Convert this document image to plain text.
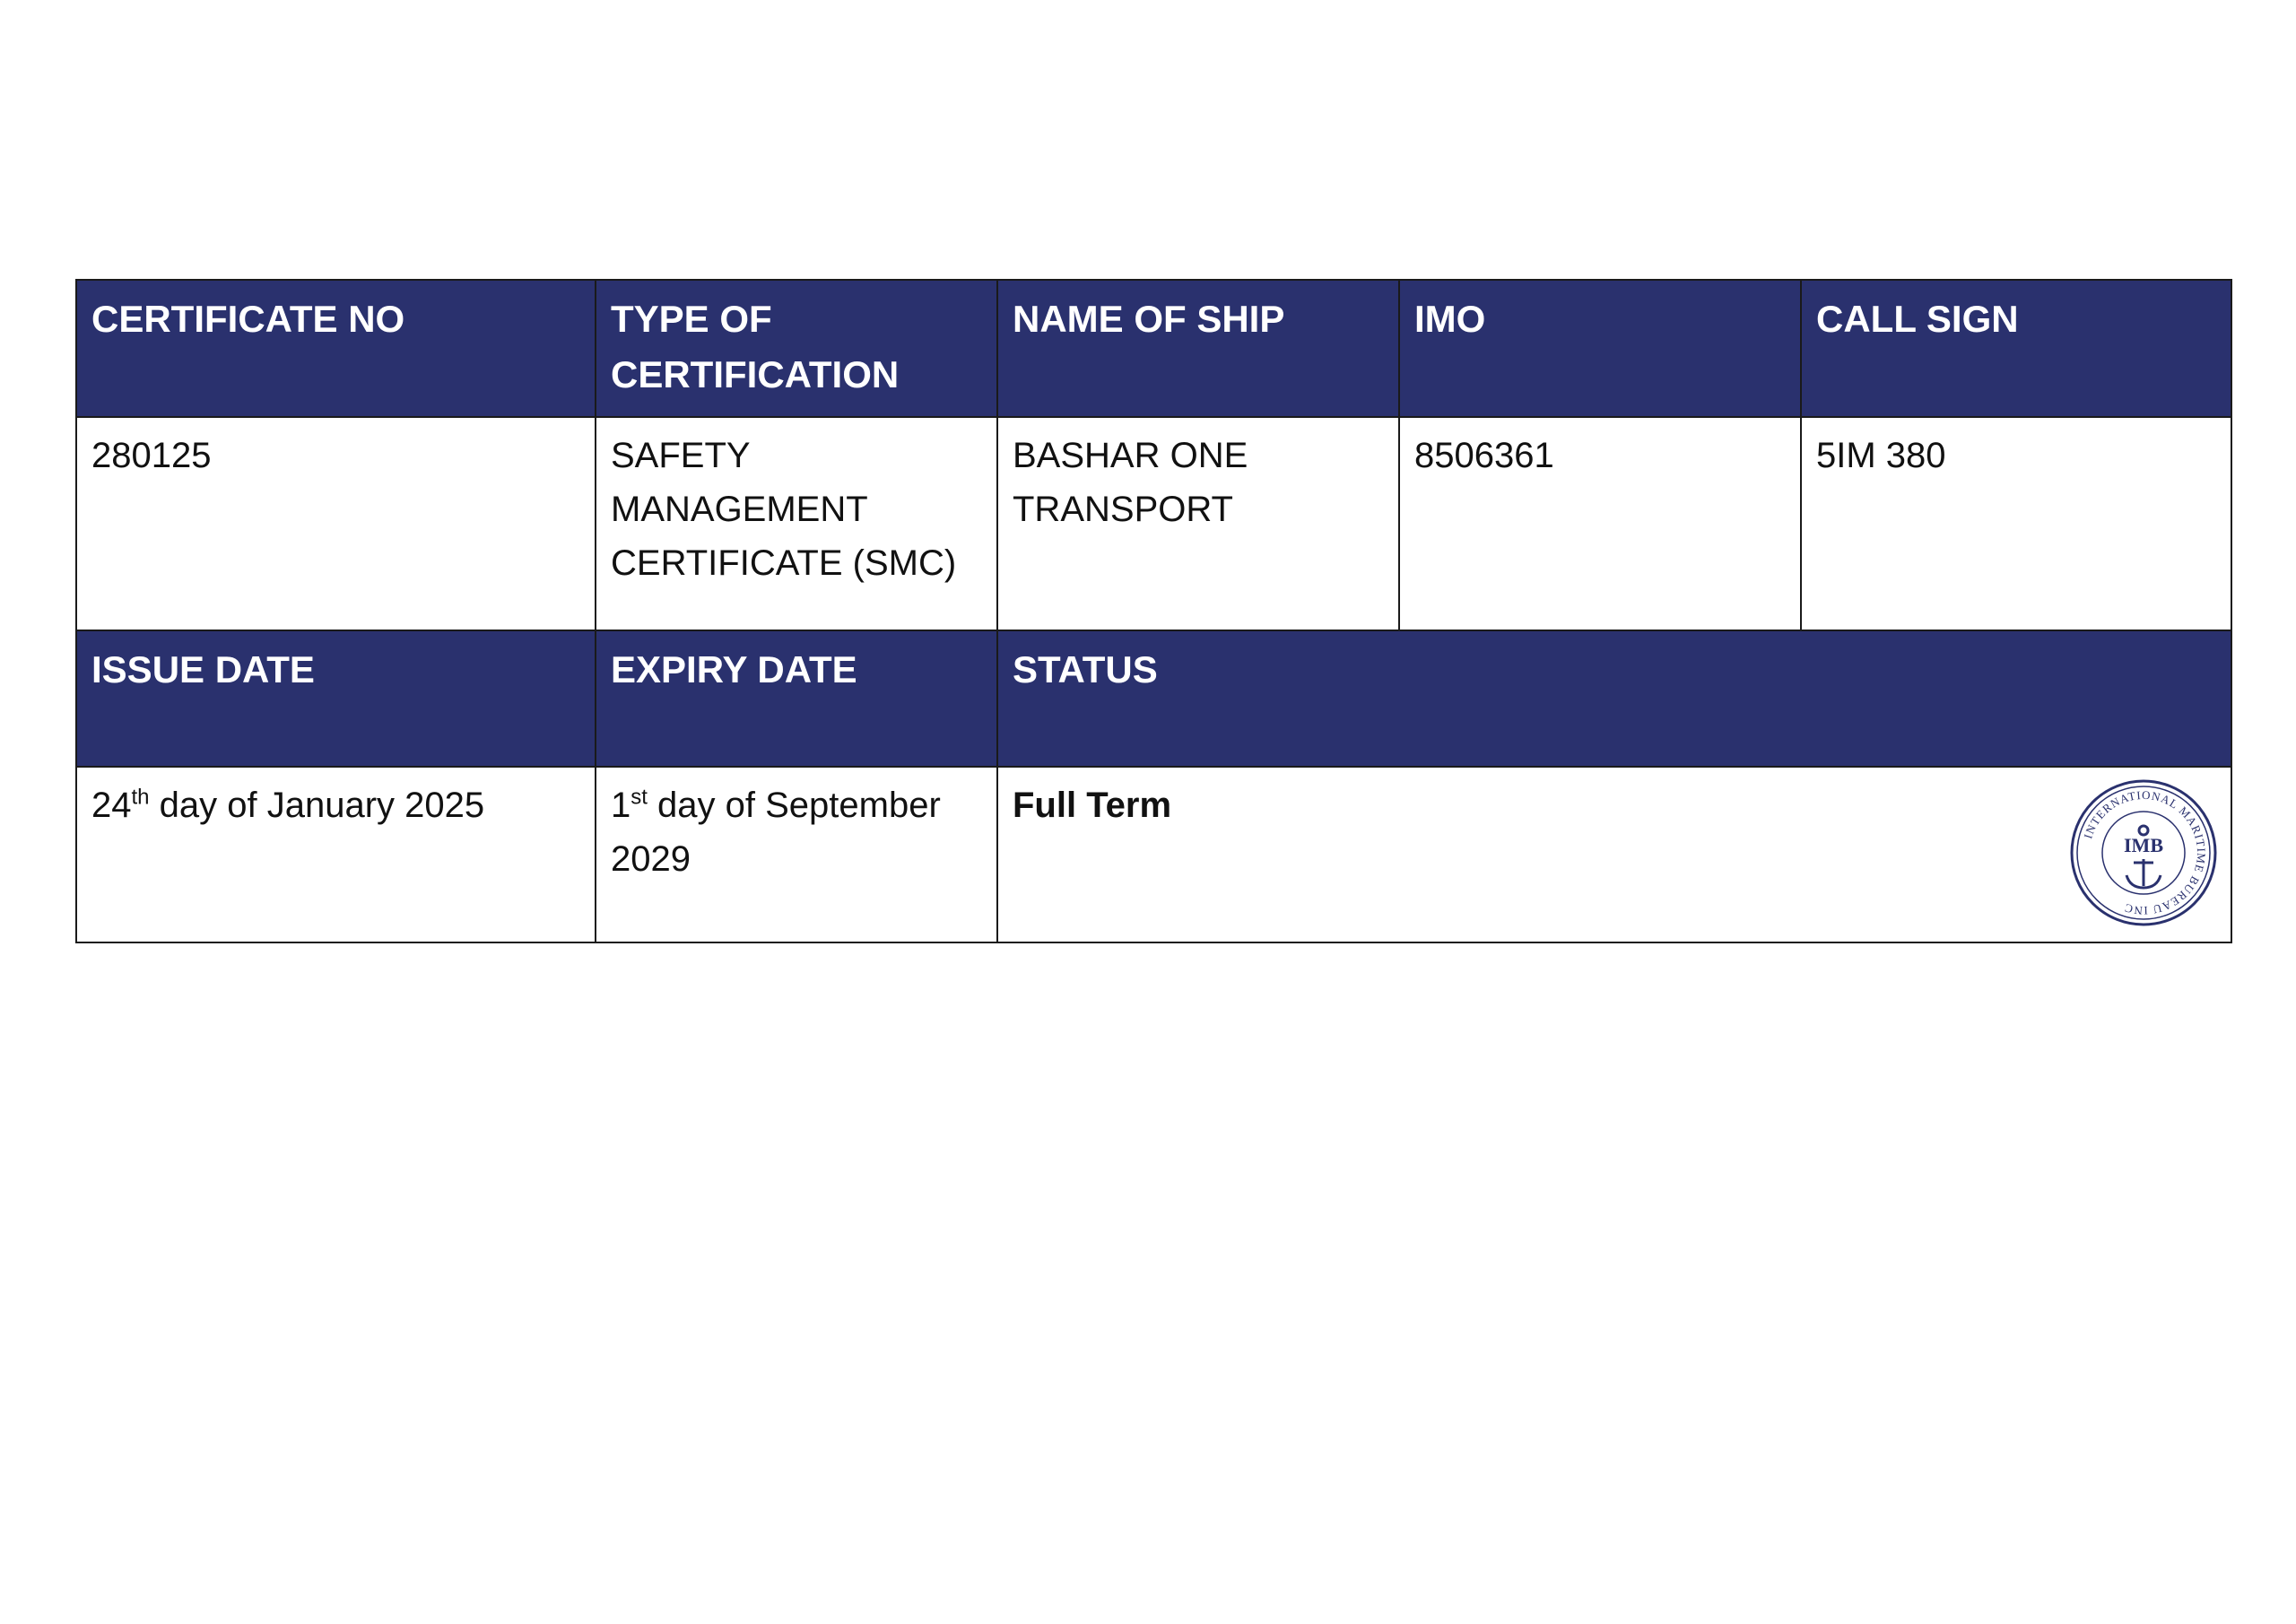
CERTIFICATE NO	TYPE OF CERTIFICATION	NAME OF SHIP	IMO	CALL SIGN
280125	SAFETY MANAGEMENT CERTIFICATE (SMC)	BASHAR ONE TRANSPORT	8506361	5IM 380
ISSUE DATE	EXPIRY DATE	STATUS		
24th day of January 2025	1st day of September 2029	Full Term
INTERNATIONAL MARITIME BUREAU INC
IMB		
